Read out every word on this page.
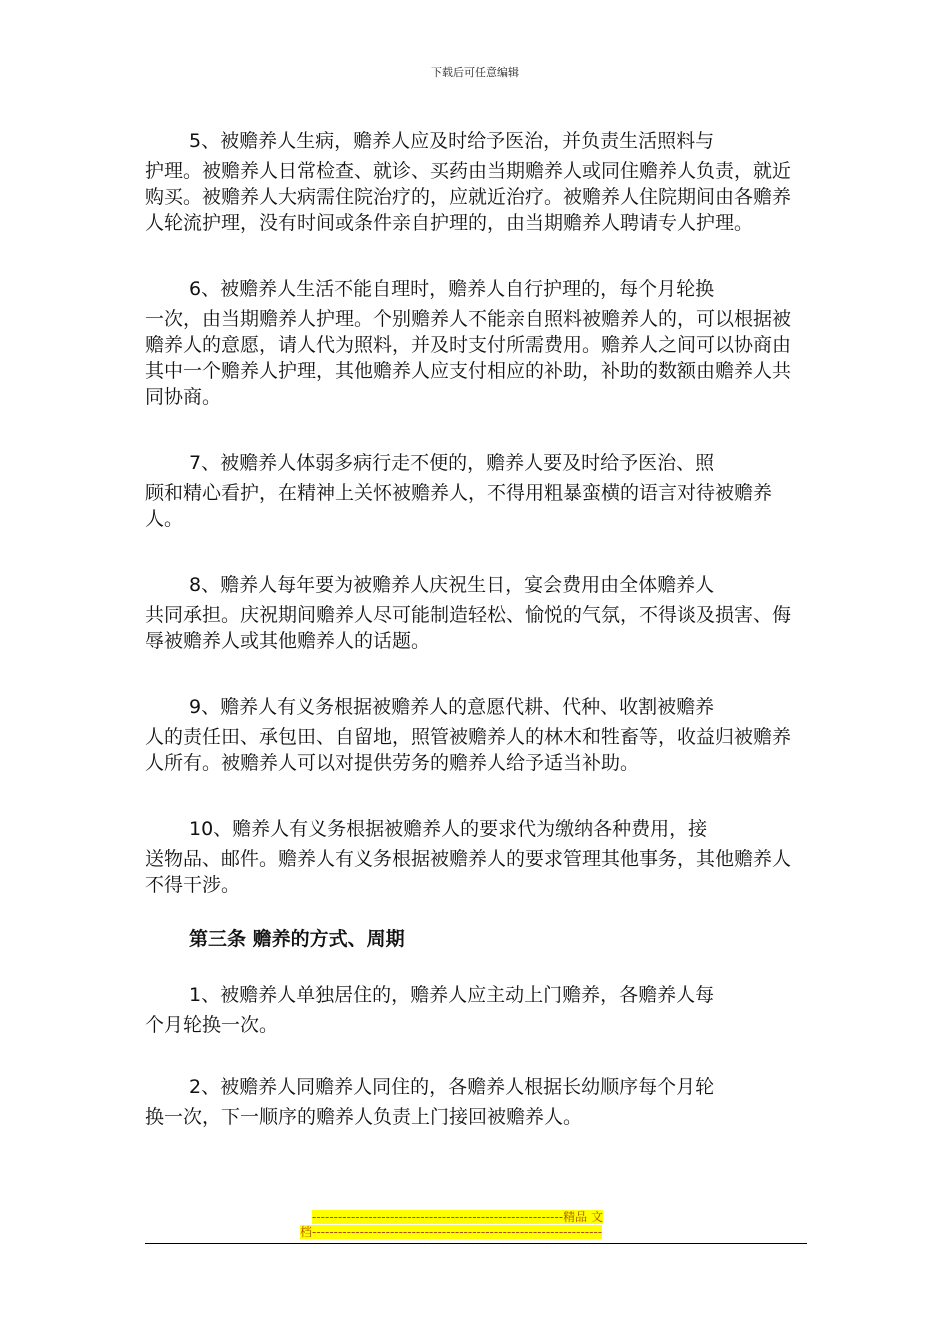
下载后可任意编辑
5、被赡养人生病，赡养人应及时给予医治，并负责生活照料与
护理。被赡养人日常检查、就诊、买药由当期赡养人或同住赡养人负责，就近购买。被赡养人大病需住院治疗的，应就近治疗。被赡养人住院期间由各赡养人轮流护理，没有时间或条件亲自护理的，由当期赡养人聘请专人护理。
6、被赡养人生活不能自理时，赡养人自行护理的，每个月轮换
一次，由当期赡养人护理。个别赡养人不能亲自照料被赡养人的，可以根据被赡养人的意愿，请人代为照料，并及时支付所需费用。赡养人之间可以协商由其中一个赡养人护理，其他赡养人应支付相应的补助，补助的数额由赡养人共同协商。
7、被赡养人体弱多病行走不便的，赡养人要及时给予医治、照
顾和精心看护，在精神上关怀被赡养人，不得用粗暴蛮横的语言对待被赡养人。
8、赡养人每年要为被赡养人庆祝生日，宴会费用由全体赡养人
共同承担。庆祝期间赡养人尽可能制造轻松、愉悦的气氛，不得谈及损害、侮辱被赡养人或其他赡养人的话题。
9、赡养人有义务根据被赡养人的意愿代耕、代种、收割被赡养
人的责任田、承包田、自留地，照管被赡养人的林木和牲畜等，收益归被赡养人所有。被赡养人可以对提供劳务的赡养人给予适当补助。
10、赡养人有义务根据被赡养人的要求代为缴纳各种费用，接
送物品、邮件。赡养人有义务根据被赡养人的要求管理其他事务，其他赡养人不得干涉。
第三条 赡养的方式、周期
1、被赡养人单独居住的，赡养人应主动上门赡养，各赡养人每
个月轮换一次。
2、被赡养人同赡养人同住的，各赡养人根据长幼顺序每个月轮
换一次，下一顺序的赡养人负责上门接回被赡养人。
----------------------------------------------------------精品 文
档-------------------------------------------------------------------
